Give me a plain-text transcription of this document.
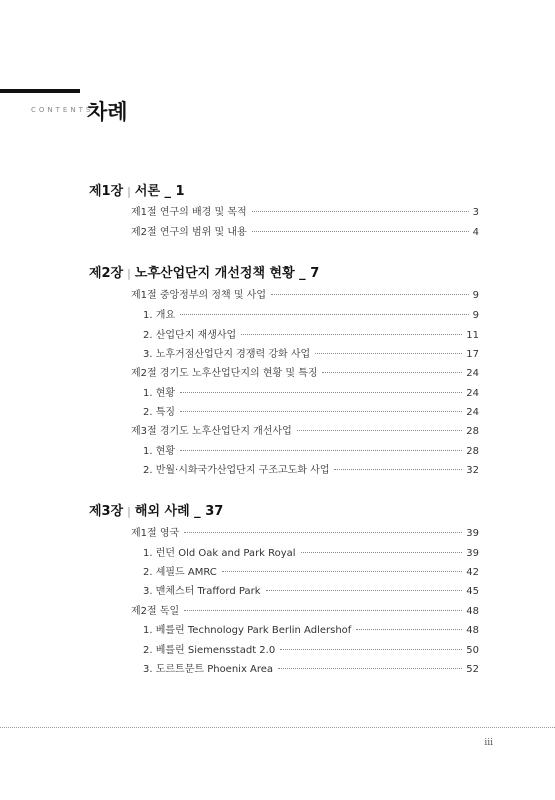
CONTENTS
차례
제1장 | 서론 _ 1
제1절 연구의 배경 및 목적	3
제2절 연구의 범위 및 내용	4
제2장 | 노후산업단지 개선정책 현황 _ 7
제1절 중앙정부의 정책 및 사업	9
1. 개요	9
2. 산업단지 재생사업	11
3. 노후거점산업단지 경쟁력 강화 사업	17
제2절 경기도 노후산업단지의 현황 및 특징	24
1. 현황	24
2. 특징	24
제3절 경기도 노후산업단지 개선사업	28
1. 현황	28
2. 반월·시화국가산업단지 구조고도화 사업	32
제3장 | 해외 사례 _ 37
제1절 영국	39
1. 런던 Old Oak and Park Royal	39
2. 셰필드 AMRC	42
3. 맨체스터 Trafford Park	45
제2절 독일	48
1. 베를린 Technology Park Berlin Adlershof	48
2. 베를린 Siemensstadt 2.0	50
3. 도르트문트 Phoenix Area	52
iii
